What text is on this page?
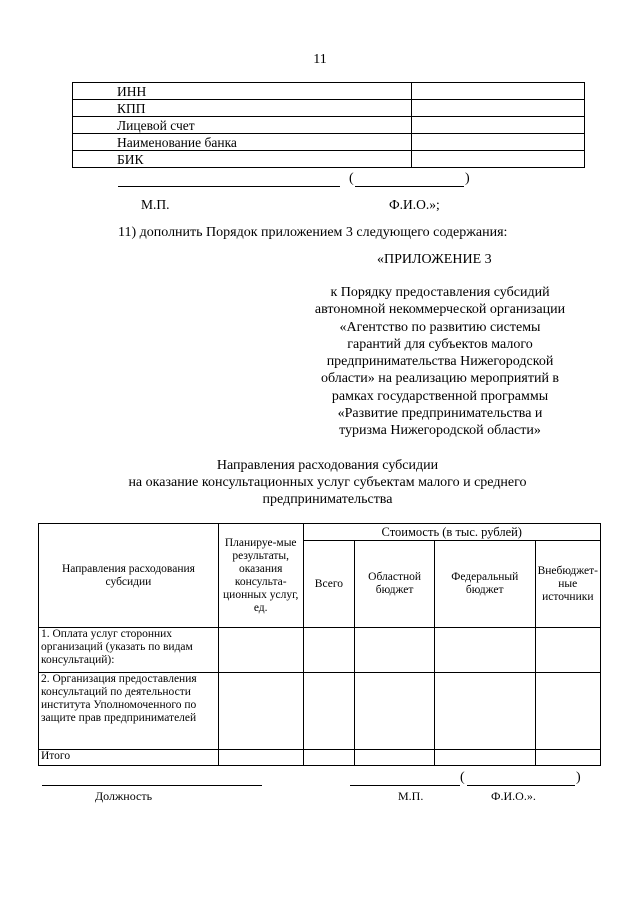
11
ИНН	
КПП	
Лицевой счет	
Наименование банка	
БИК	
(	)
М.П.	Ф.И.О.»;
11) дополнить Порядок приложением 3 следующего содержания:
«ПРИЛОЖЕНИЕ 3
к Порядку предоставления субсидий
автономной некоммерческой организации
«Агентство по развитию системы
гарантий для субъектов малого
предпринимательства Нижегородской
области» на реализацию мероприятий в
рамках государственной программы
«Развитие предпринимательства и
туризма Нижегородской области»
Направления расходования субсидии
на оказание консультационных услуг субъектам малого и среднего
предпринимательства
Направления расходования субсидии	Планируе-мые результаты, оказания консульта-ционных услуг, ед.	Стоимость (в тыс. рублей)			
		Всего	Областной бюджет	Федеральный бюджет	Внебюджет-ные источники
1. Оплата услуг сторонних организаций (указать по видам консультаций):					
2. Организация предоставления консультаций по деятельности института Уполномоченного по защите прав предпринимателей					
Итого					
(	)
Должность	М.П.	Ф.И.О.».
